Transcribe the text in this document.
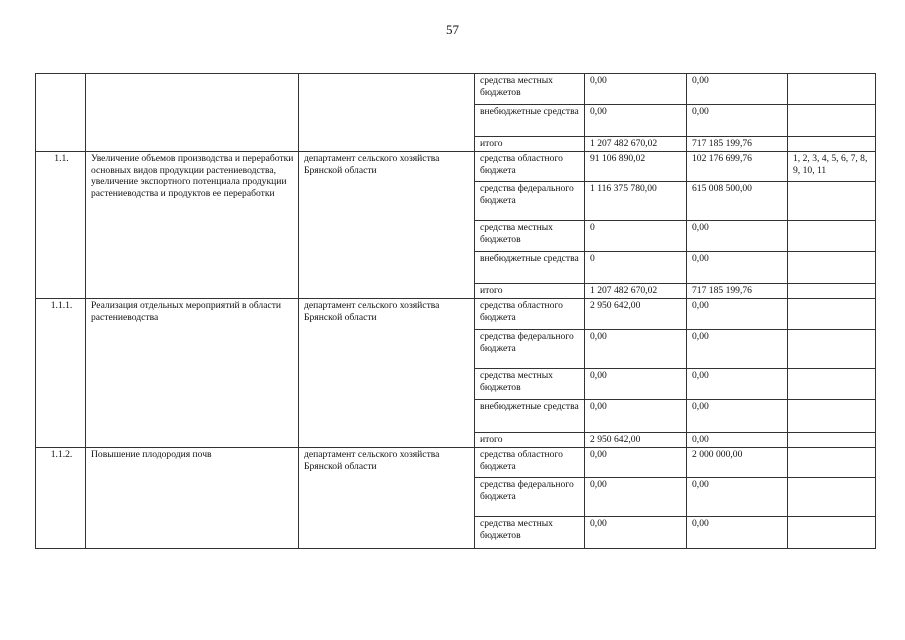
57
			средства местных бюджетов	0,00	0,00	
			внебюджетные средства	0,00	0,00	
			итого	1 207 482 670,02	717 185 199,76	
1.1.	Увеличение объемов производства и переработки основных видов продукции растениеводства, увеличение экспортного потенциала продукции растениеводства и продуктов ее переработки	департамент сельского хозяйства Брянской области	средства областного бюджета	91 106 890,02	102 176 699,76	1, 2, 3, 4, 5, 6, 7, 8, 9, 10, 11
			средства федерального бюджета	1 116 375 780,00	615 008 500,00	
			средства местных бюджетов	0	0,00	
			внебюджетные средства	0	0,00	
			итого	1 207 482 670,02	717 185 199,76	
1.1.1.	Реализация отдельных мероприятий в области растениеводства	департамент сельского хозяйства Брянской области	средства областного бюджета	2 950 642,00	0,00	
			средства федерального бюджета	0,00	0,00	
			средства местных бюджетов	0,00	0,00	
			внебюджетные средства	0,00	0,00	
			итого	2 950 642,00	0,00	
1.1.2.	Повышение плодородия почв	департамент сельского хозяйства Брянской области	средства областного бюджета	0,00	2 000 000,00	
			средства федерального бюджета	0,00	0,00	
			средства местных бюджетов	0,00	0,00	
